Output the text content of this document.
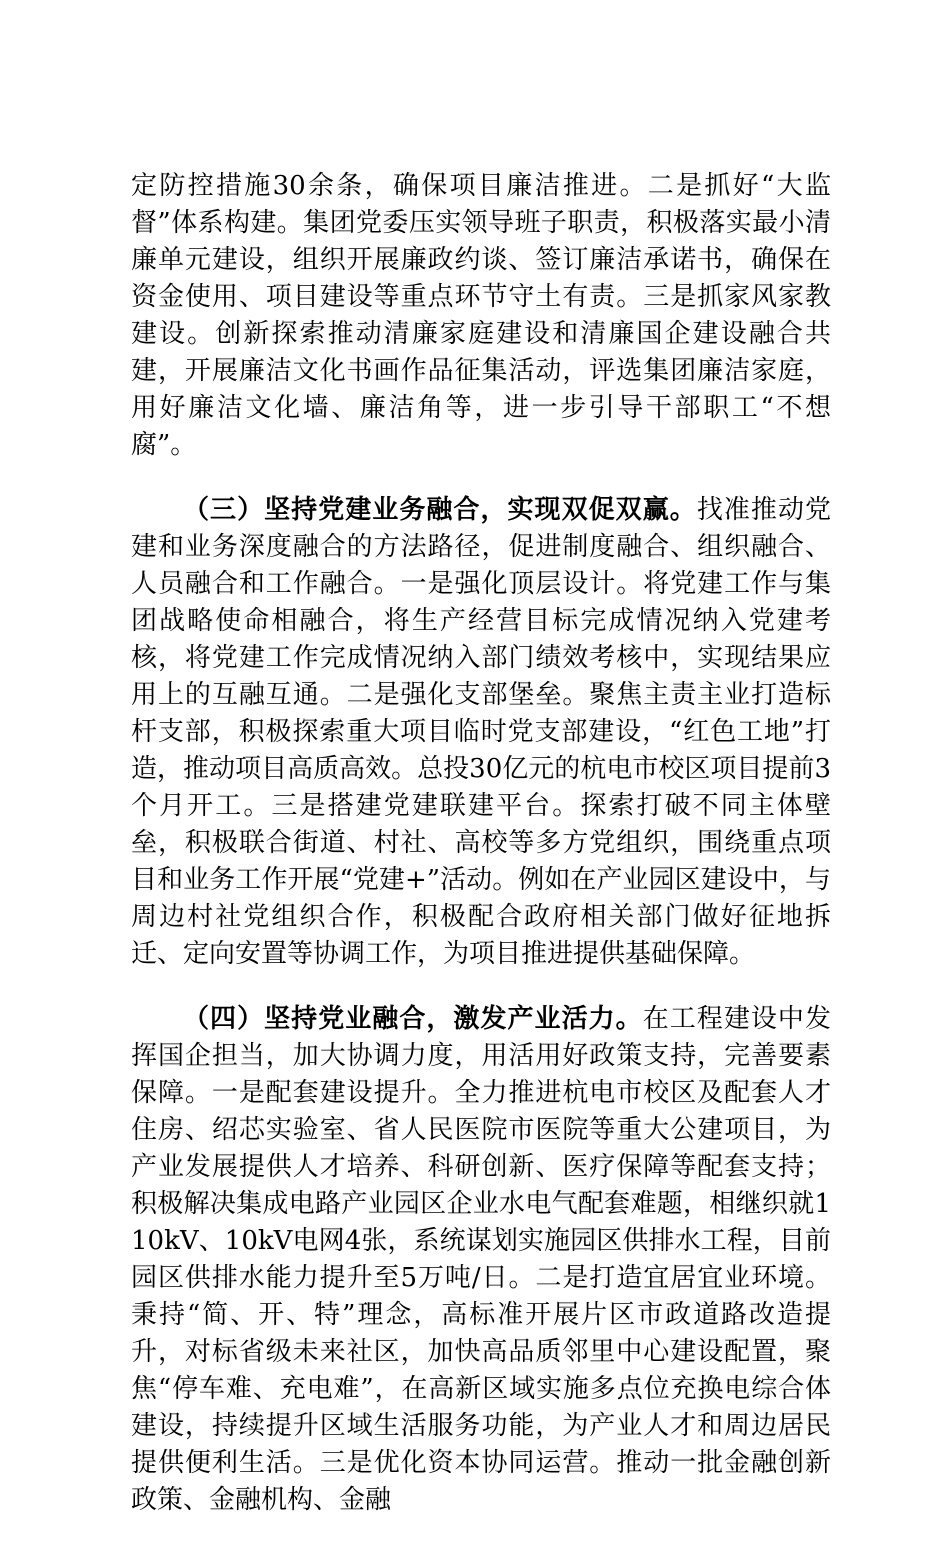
定防控措施30余条，确保项目廉洁推进。二是抓好“大监督”体系构建。集团党委压实领导班子职责，积极落实最小清廉单元建设，组织开展廉政约谈、签订廉洁承诺书，确保在资金使用、项目建设等重点环节守土有责。三是抓家风家教建设。创新探索推动清廉家庭建设和清廉国企建设融合共建，开展廉洁文化书画作品征集活动，评选集团廉洁家庭，用好廉洁文化墙、廉洁角等，进一步引导干部职工“不想腐”。

（三）坚持党建业务融合，实现双促双赢。找准推动党建和业务深度融合的方法路径，促进制度融合、组织融合、人员融合和工作融合。一是强化顶层设计。将党建工作与集团战略使命相融合，将生产经营目标完成情况纳入党建考核，将党建工作完成情况纳入部门绩效考核中，实现结果应用上的互融互通。二是强化支部堡垒。聚焦主责主业打造标杆支部，积极探索重大项目临时党支部建设，“红色工地”打造，推动项目高质高效。总投30亿元的杭电市校区项目提前3个月开工。三是搭建党建联建平台。探索打破不同主体壁垒，积极联合街道、村社、高校等多方党组织，围绕重点项目和业务工作开展“党建+”活动。例如在产业园区建设中，与周边村社党组织合作，积极配合政府相关部门做好征地拆迁、定向安置等协调工作，为项目推进提供基础保障。

（四）坚持党业融合，激发产业活力。在工程建设中发挥国企担当，加大协调力度，用活用好政策支持，完善要素保障。一是配套建设提升。全力推进杭电市校区及配套人才住房、绍芯实验室、省人民医院市医院等重大公建项目，为产业发展提供人才培养、科研创新、医疗保障等配套支持；积极解决集成电路产业园区企业水电气配套难题，相继织就110kV、10kV电网4张，系统谋划实施园区供排水工程，目前园区供排水能力提升至5万吨/日。二是打造宜居宜业环境。秉持“简、开、特”理念，高标准开展片区市政道路改造提升，对标省级未来社区，加快高品质邻里中心建设配置，聚焦“停车难、充电难”，在高新区域实施多点位充换电综合体建设，持续提升区域生活服务功能，为产业人才和周边居民提供便利生活。三是优化资本协同运营。推动一批金融创新政策、金融机构、金融
